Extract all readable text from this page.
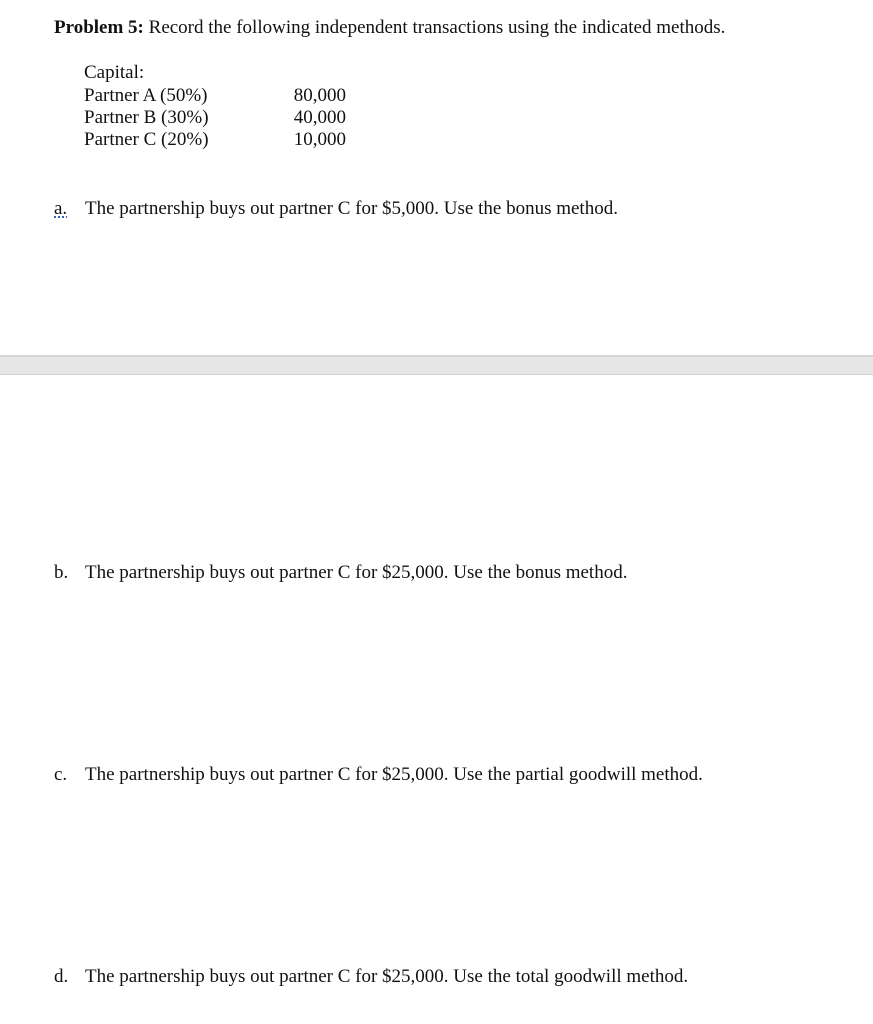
Problem 5: Record the following independent transactions using the indicated methods.
Capital:
Partner A (50%)	80,000
Partner B (30%)	40,000
Partner C (20%)	10,000
a. The partnership buys out partner C for $5,000. Use the bonus method.
b. The partnership buys out partner C for $25,000. Use the bonus method.
c. The partnership buys out partner C for $25,000. Use the partial goodwill method.
d. The partnership buys out partner C for $25,000. Use the total goodwill method.
